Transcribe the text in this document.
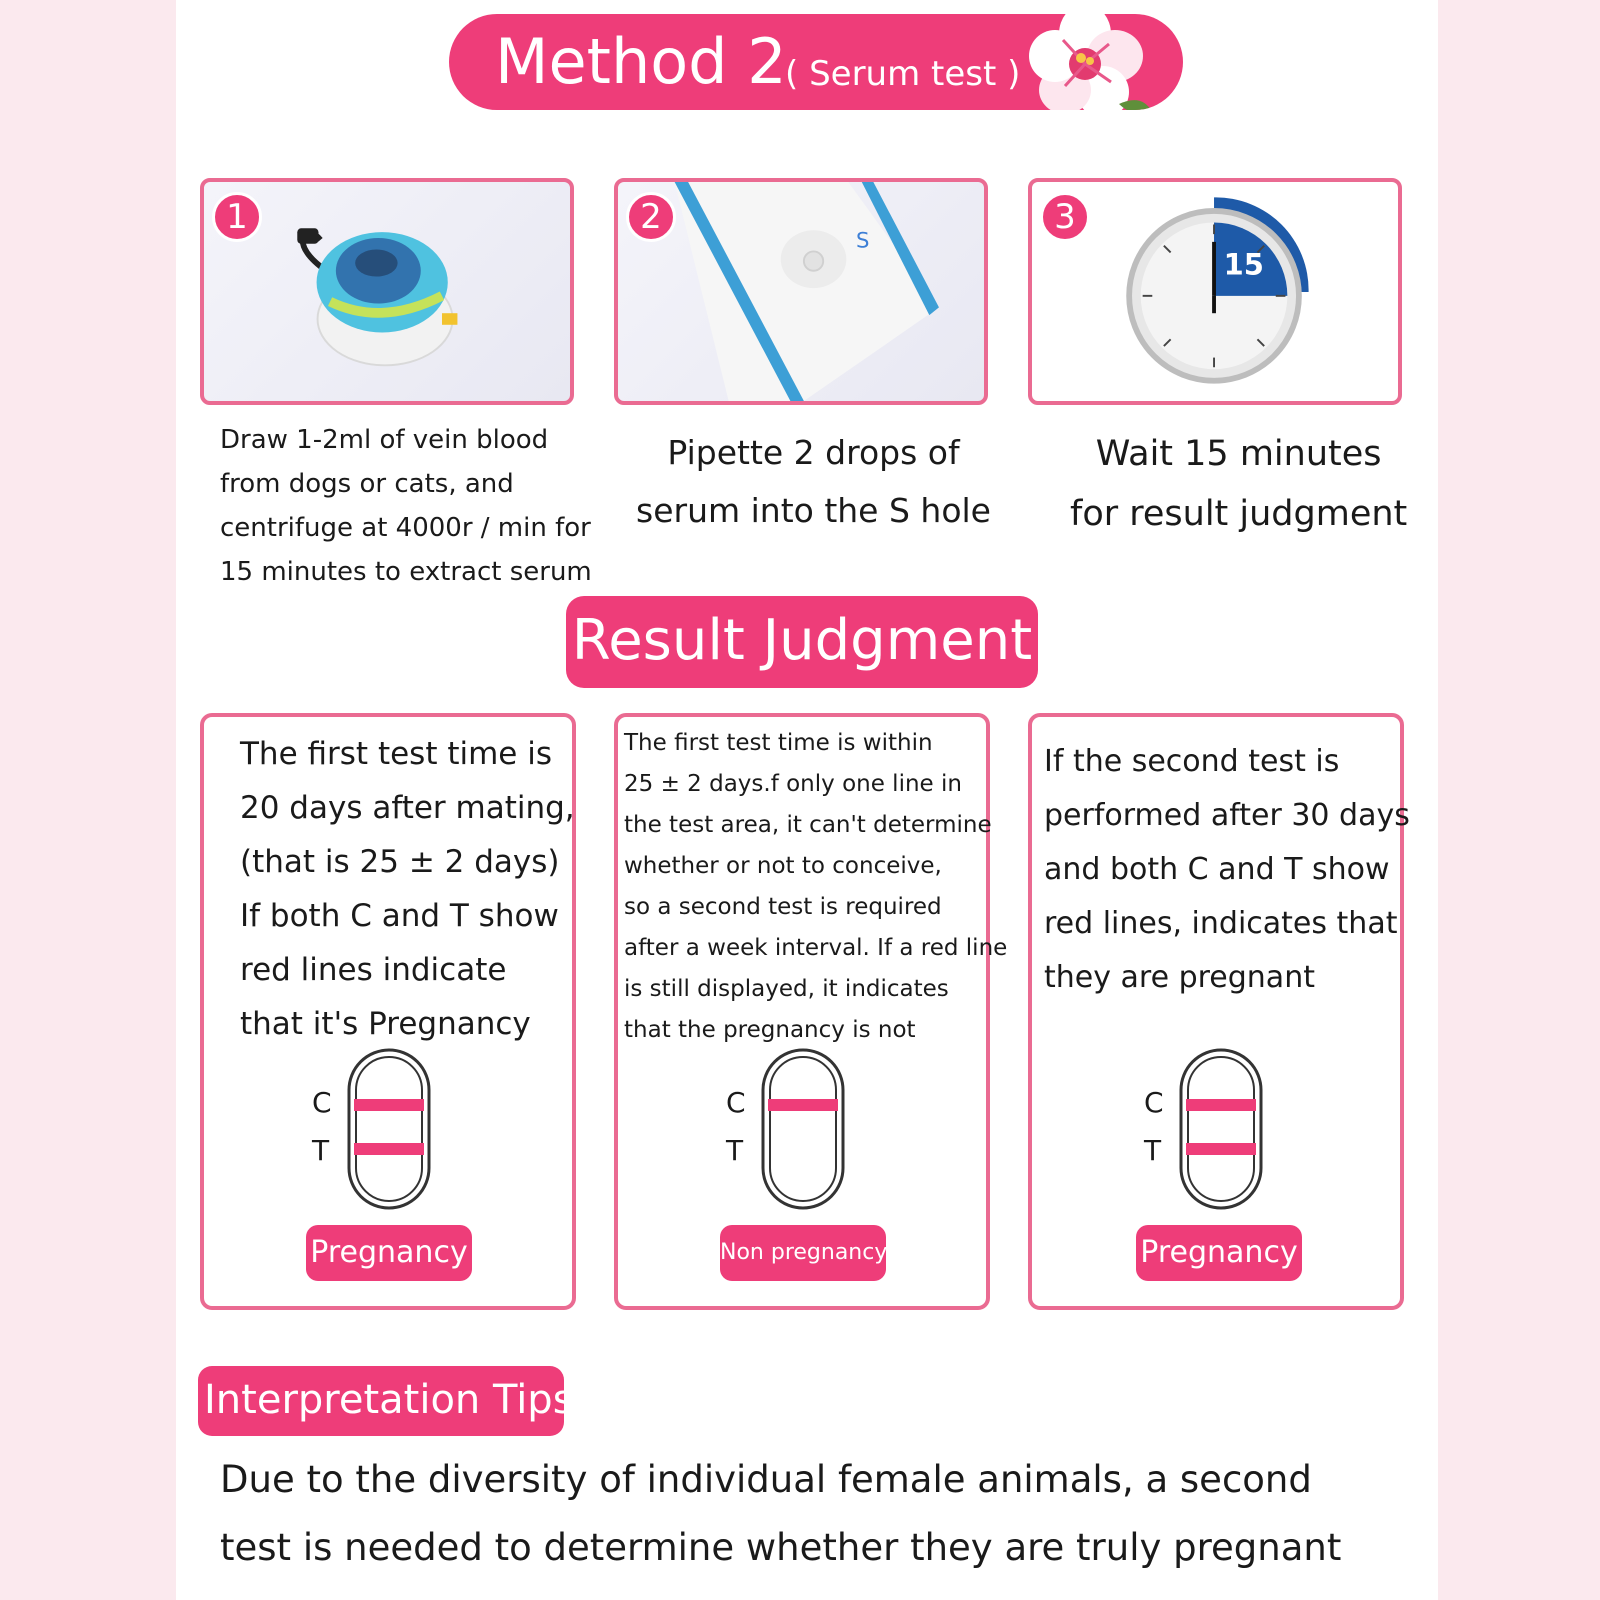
Method 2
( Serum test )
1
Draw 1-2ml of vein blood
from dogs or cats, and
centrifuge at 4000r / min for
15 minutes to extract serum
2
S
Pipette 2 drops of
serum into the S hole
3
15
Wait 15 minutes
for result judgment
Result Judgment
The first test time is
20 days after mating,
(that is 25 ± 2 days)
If both C and T show
red lines indicate
that it's Pregnancy
C
T
Pregnancy
The first test time is within
25 ± 2 days.f only one line in
the test area, it can't determine
whether or not to conceive,
so a second test is required
after a week interval. If a red line
is still displayed, it indicates
that the pregnancy is not
C
T
Non pregnancy
If the second test is
performed after 30 days
and both C and T show
red lines, indicates that
they are pregnant
C
T
Pregnancy
Interpretation Tips
Due to the diversity of individual female animals, a second
test is needed to determine whether they are truly pregnant
